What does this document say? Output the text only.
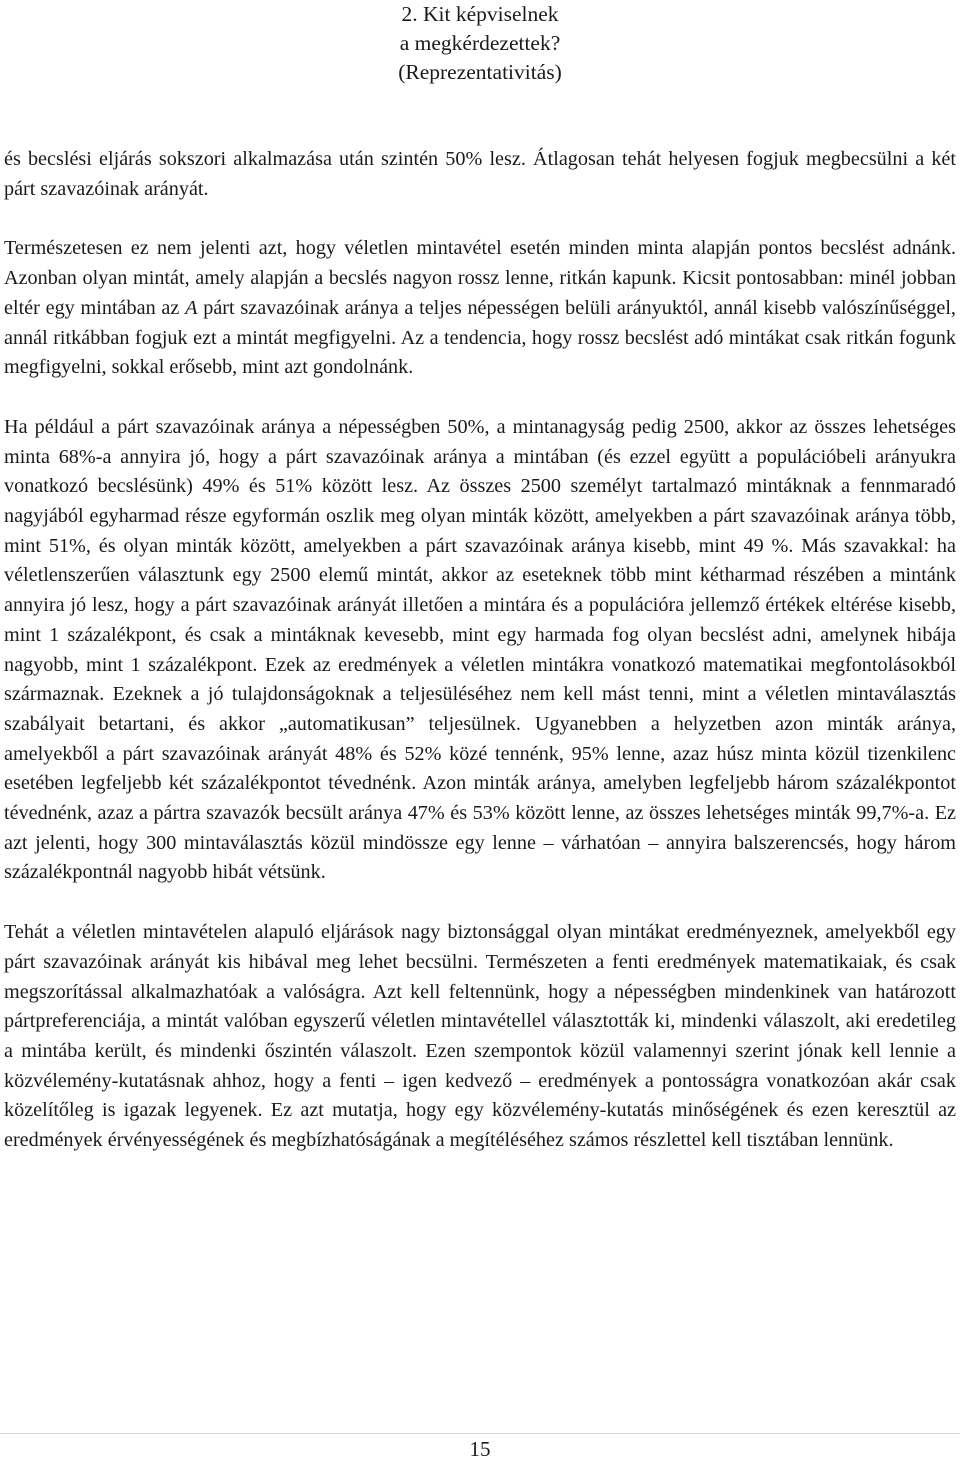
2. Kit képviselnek
a megkérdezettek?
(Reprezentativitás)

és becslési eljárás sokszori alkalmazása után szintén 50% lesz. Átlagosan tehát helyesen fogjuk megbecsülni a két párt szavazóinak arányát.

Természetesen ez nem jelenti azt, hogy véletlen mintavétel esetén minden minta alapján pontos becslést adnánk. Azonban olyan mintát, amely alapján a becslés nagyon rossz lenne, ritkán kapunk. Kicsit pontosabban: minél jobban eltér egy mintában az A párt szavazóinak aránya a teljes népességen belüli arányuktól, annál kisebb valószínűséggel, annál ritkábban fogjuk ezt a mintát megfigyelni. Az a tendencia, hogy rossz becslést adó mintákat csak ritkán fogunk megfigyelni, sokkal erősebb, mint azt gondolnánk.

Ha például a párt szavazóinak aránya a népességben 50%, a mintanagyság pedig 2500, akkor az összes lehetséges minta 68%-a annyira jó, hogy a párt szavazóinak aránya a mintában (és ezzel együtt a populációbeli arányukra vonatkozó becslésünk) 49% és 51% között lesz. Az összes 2500 személyt tartalmazó mintáknak a fennmaradó nagyjából egyharmad része egyformán oszlik meg olyan minták között, amelyekben a párt szavazóinak aránya több, mint 51%, és olyan minták között, amelyekben a párt szavazóinak aránya kisebb, mint 49 %. Más szavakkal: ha véletlenszerűen választunk egy 2500 elemű mintát, akkor az eseteknek több mint kétharmad részében a mintánk annyira jó lesz, hogy a párt szavazóinak arányát illetően a mintára és a populációra jellemző értékek eltérése kisebb, mint 1 százalékpont, és csak a mintáknak kevesebb, mint egy harmada fog olyan becslést adni, amelynek hibája nagyobb, mint 1 százalékpont. Ezek az eredmények a véletlen mintákra vonatkozó matematikai megfontolásokból származnak. Ezeknek a jó tulajdonságoknak a teljesüléséhez nem kell mást tenni, mint a véletlen mintaválasztás szabályait betartani, és akkor „automatikusan” teljesülnek. Ugyanebben a helyzetben azon minták aránya, amelyekből a párt szavazóinak arányát 48% és 52% közé tennénk, 95% lenne, azaz húsz minta közül tizenkilenc esetében legfeljebb két százalékpontot tévednénk. Azon minták aránya, amelyben legfeljebb három százalékpontot tévednénk, azaz a pártra szavazók becsült aránya 47% és 53% között lenne, az összes lehetséges minták 99,7%-a. Ez azt jelenti, hogy 300 mintaválasztás közül mindössze egy lenne – várhatóan – annyira balszerencsés, hogy három százalékpontnál nagyobb hibát vétsünk.

Tehát a véletlen mintavételen alapuló eljárások nagy biztonsággal olyan mintákat eredményeznek, amelyekből egy párt szavazóinak arányát kis hibával meg lehet becsülni. Természeten a fenti eredmények matematikaiak, és csak megszorítással alkalmazhatóak a valóságra. Azt kell feltennünk, hogy a népességben mindenkinek van határozott pártpreferenciája, a mintát valóban egyszerű véletlen mintavétellel választották ki, mindenki válaszolt, aki eredetileg a mintába került, és mindenki őszintén válaszolt. Ezen szempontok közül valamennyi szerint jónak kell lennie a közvélemény-kutatásnak ahhoz, hogy a fenti – igen kedvező – eredmények a pontosságra vonatkozóan akár csak közelítőleg is igazak legyenek. Ez azt mutatja, hogy egy közvélemény-kutatás minőségének és ezen keresztül az eredmények érvényességének és megbízhatóságának a megítéléséhez számos részlettel kell tisztában lennünk.

15
